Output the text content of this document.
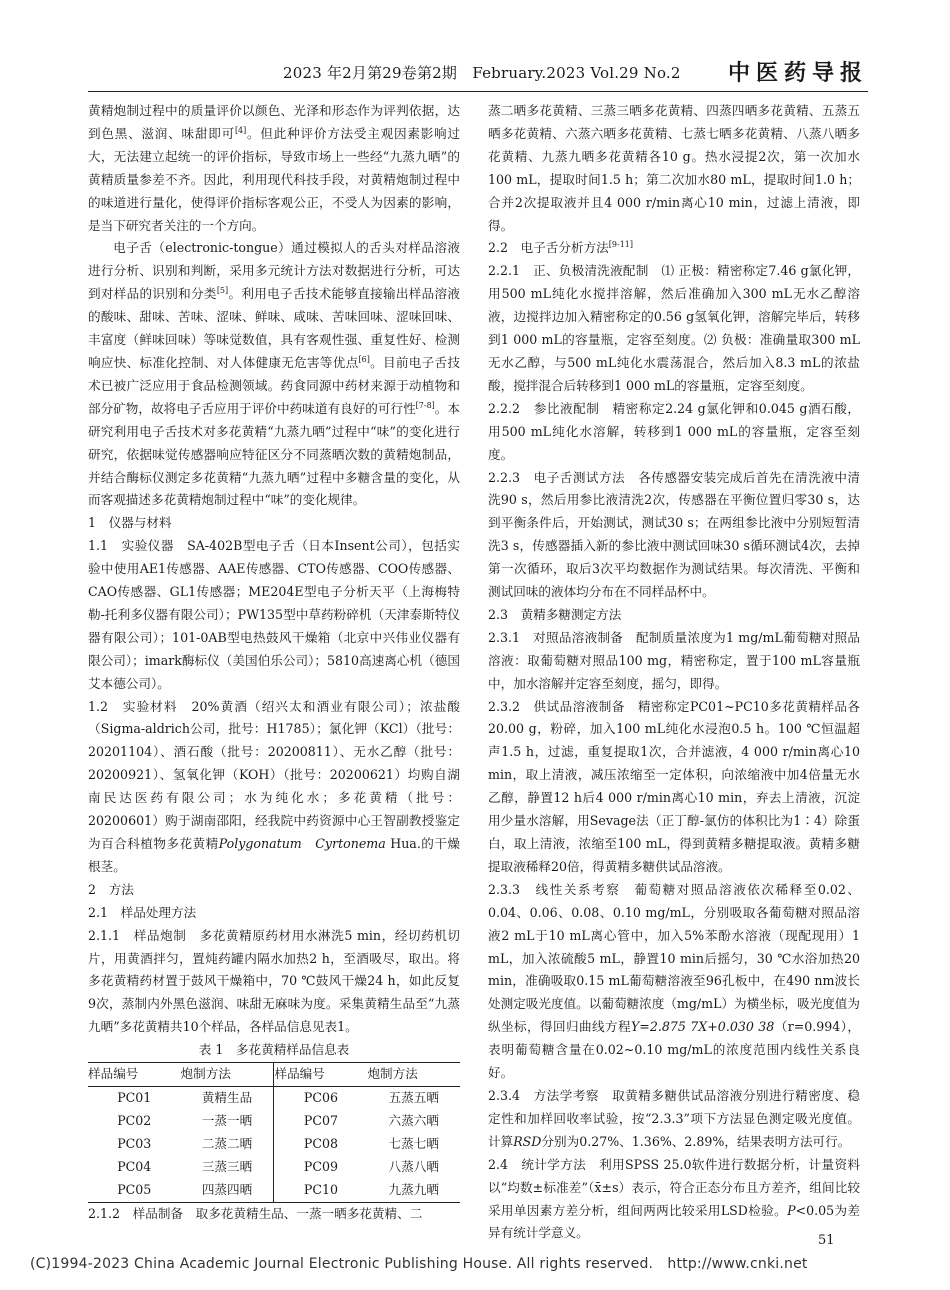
2023 年2月第29卷第2期　February.2023 Vol.29 No.2 中医药导报

黄精炮制过程中的质量评价以颜色、光泽和形态作为评判依据，达到色黑、滋润、味甜即可[4]。但此种评价方法受主观因素影响过大，无法建立起统一的评价指标，导致市场上一些经“九蒸九晒”的黄精质量参差不齐。因此，利用现代科技手段，对黄精炮制过程中的味道进行量化，使得评价指标客观公正，不受人为因素的影响，是当下研究者关注的一个方向。

电子舌（electronic-tongue）通过模拟人的舌头对样品溶液进行分析、识别和判断，采用多元统计方法对数据进行分析，可达到对样品的识别和分类[5]。利用电子舌技术能够直接输出样品溶液的酸味、甜味、苦味、涩味、鲜味、咸味、苦味回味、涩味回味、丰富度（鲜味回味）等味觉数值，具有客观性强、重复性好、检测响应快、标准化控制、对人体健康无危害等优点[6]。目前电子舌技术已被广泛应用于食品检测领域。药食同源中药材来源于动植物和部分矿物，故将电子舌应用于评价中药味道有良好的可行性[7-8]。本研究利用电子舌技术对多花黄精“九蒸九晒”过程中“味”的变化进行研究，依据味觉传感器响应特征区分不同蒸晒次数的黄精炮制品，并结合酶标仪测定多花黄精“九蒸九晒”过程中多糖含量的变化，从而客观描述多花黄精炮制过程中“味”的变化规律。

1　仪器与材料

1.1　实验仪器　 SA-402B型电子舌（日本Insent公司），包括实验中使用AE1传感器、AAE传感器、CTO传感器、COO传感器、CAO传感器、GL1传感器；ME204E型电子分析天平（上海梅特勒-托利多仪器有限公司）；PW135型中草药粉碎机（天津泰斯特仪器有限公司）；101-0AB型电热鼓风干燥箱（北京中兴伟业仪器有限公司）；imark酶标仪（美国伯乐公司）；5810高速离心机（德国艾本德公司）。

1.2　实验材料　 20%黄酒（绍兴太和酒业有限公司）；浓盐酸（Sigma-aldrich公司，批号：H1785）；氯化钾（KCl）（批号：20201104）、酒石酸（批号：20200811）、无水乙醇（批号：20200921）、氢氧化钾（KOH）（批号：20200621）均购自湖南民达医药有限公司；水为纯化水；多花黄精（批号：20200601）购于湖南邵阳，经我院中药资源中心王智副教授鉴定为百合科植物多花黄精Polygonatum　Cyrtonema Hua.的干燥根茎。

2　方法

2.1　样品处理方法

2.1.1　样品炮制　 多花黄精原药材用水淋洗5 min，经切药机切片，用黄酒拌匀，置炖药罐内隔水加热2 h，至酒吸尽，取出。将多花黄精药材置于鼓风干燥箱中，70 ℃鼓风干燥24 h，如此反复9次，蒸制内外黑色滋润、味甜无麻味为度。采集黄精生品至“九蒸九晒”多花黄精共10个样品，各样品信息见表1。

表 1　多花黄精样品信息表

样品编号	炮制方法	样品编号	炮制方法
PC01	黄精生品	PC06	五蒸五晒
PC02	一蒸一晒	PC07	六蒸六晒
PC03	二蒸二晒	PC08	七蒸七晒
PC04	三蒸三晒	PC09	八蒸八晒
PC05	四蒸四晒	PC10	九蒸九晒

2.1.2　样品制备　 取多花黄精生品、一蒸一晒多花黄精、二

蒸二晒多花黄精、三蒸三晒多花黄精、四蒸四晒多花黄精、五蒸五晒多花黄精、六蒸六晒多花黄精、七蒸七晒多花黄精、八蒸八晒多花黄精、九蒸九晒多花黄精各10 g。热水浸提2次，第一次加水100 mL，提取时间1.5 h；第二次加水80 mL，提取时间1.0 h；合并2次提取液并且4 000 r/min离心10 min，过滤上清液，即得。

2.2　电子舌分析方法[9-11]

2.2.1　正、负极清洗液配制　 ⑴ 正极：精密称定7.46 g氯化钾，用500 mL纯化水搅拌溶解，然后准确加入300 mL无水乙醇溶液，边搅拌边加入精密称定的0.56 g氢氧化钾，溶解完毕后，转移到1 000 mL的容量瓶，定容至刻度。⑵ 负极：准确量取300 mL无水乙醇，与500 mL纯化水震荡混合，然后加入8.3 mL的浓盐酸，搅拌混合后转移到1 000 mL的容量瓶，定容至刻度。

2.2.2　参比液配制　 精密称定2.24 g氯化钾和0.045 g酒石酸，用500 mL纯化水溶解，转移到1 000 mL的容量瓶，定容至刻度。

2.2.3　电子舌测试方法　 各传感器安装完成后首先在清洗液中清洗90 s，然后用参比液清洗2次，传感器在平衡位置归零30 s，达到平衡条件后，开始测试，测试30 s；在两组参比液中分别短暂清洗3 s，传感器插入新的参比液中测试回味30 s循环测试4次，去掉第一次循环，取后3次平均数据作为测试结果。每次清洗、平衡和测试回味的液体均分布在不同样品杯中。

2.3　黄精多糖测定方法

2.3.1　对照品溶液制备　 配制质量浓度为1 mg/mL葡萄糖对照品溶液：取葡萄糖对照品100 mg，精密称定，置于100 mL容量瓶中，加水溶解并定容至刻度，摇匀，即得。

2.3.2　供试品溶液制备　 精密称定PC01~PC10多花黄精样品各20.00 g，粉碎，加入100 mL纯化水浸泡0.5 h。100 ℃恒温超声1.5 h，过滤，重复提取1次，合并滤液，4 000 r/min离心10 min，取上清液，减压浓缩至一定体积，向浓缩液中加4倍量无水乙醇，静置12 h后4 000 r/min离心10 min，弃去上清液，沉淀用少量水溶解，用Sevage法（正丁醇-氯仿的体积比为1∶4）除蛋白，取上清液，浓缩至100 mL，得到黄精多糖提取液。黄精多糖提取液稀释20倍，得黄精多糖供试品溶液。

2.3.3　线性关系考察　 葡萄糖对照品溶液依次稀释至0.02、0.04、0.06、0.08、0.10 mg/mL，分别吸取各葡萄糖对照品溶液2 mL于10 mL离心管中，加入5%苯酚水溶液（现配现用）1 mL，加入浓硫酸5 mL，静置10 min后摇匀，30 ℃水浴加热20 min，准确吸取0.15 mL葡萄糖溶液至96孔板中，在490 nm波长处测定吸光度值。以葡萄糖浓度（mg/mL）为横坐标，吸光度值为纵坐标，得回归曲线方程Y=2.875 7X+0.030 38（r=0.994），表明葡萄糖含量在0.02~0.10 mg/mL的浓度范围内线性关系良好。

2.3.4　方法学考察　 取黄精多糖供试品溶液分别进行精密度、稳定性和加样回收率试验，按“2.3.3”项下方法显色测定吸光度值。计算RSD分别为0.27%、1.36%、2.89%，结果表明方法可行。

2.4　统计学方法　 利用SPSS 25.0软件进行数据分析，计量资料以“均数±标准差”（x̄±s）表示，符合正态分布且方差齐，组间比较采用单因素方差分析，组间两两比较采用LSD检验。P<0.05为差异有统计学意义。

51
(C)1994-2023 China Academic Journal Electronic Publishing House. All rights reserved.　http://www.cnki.net
